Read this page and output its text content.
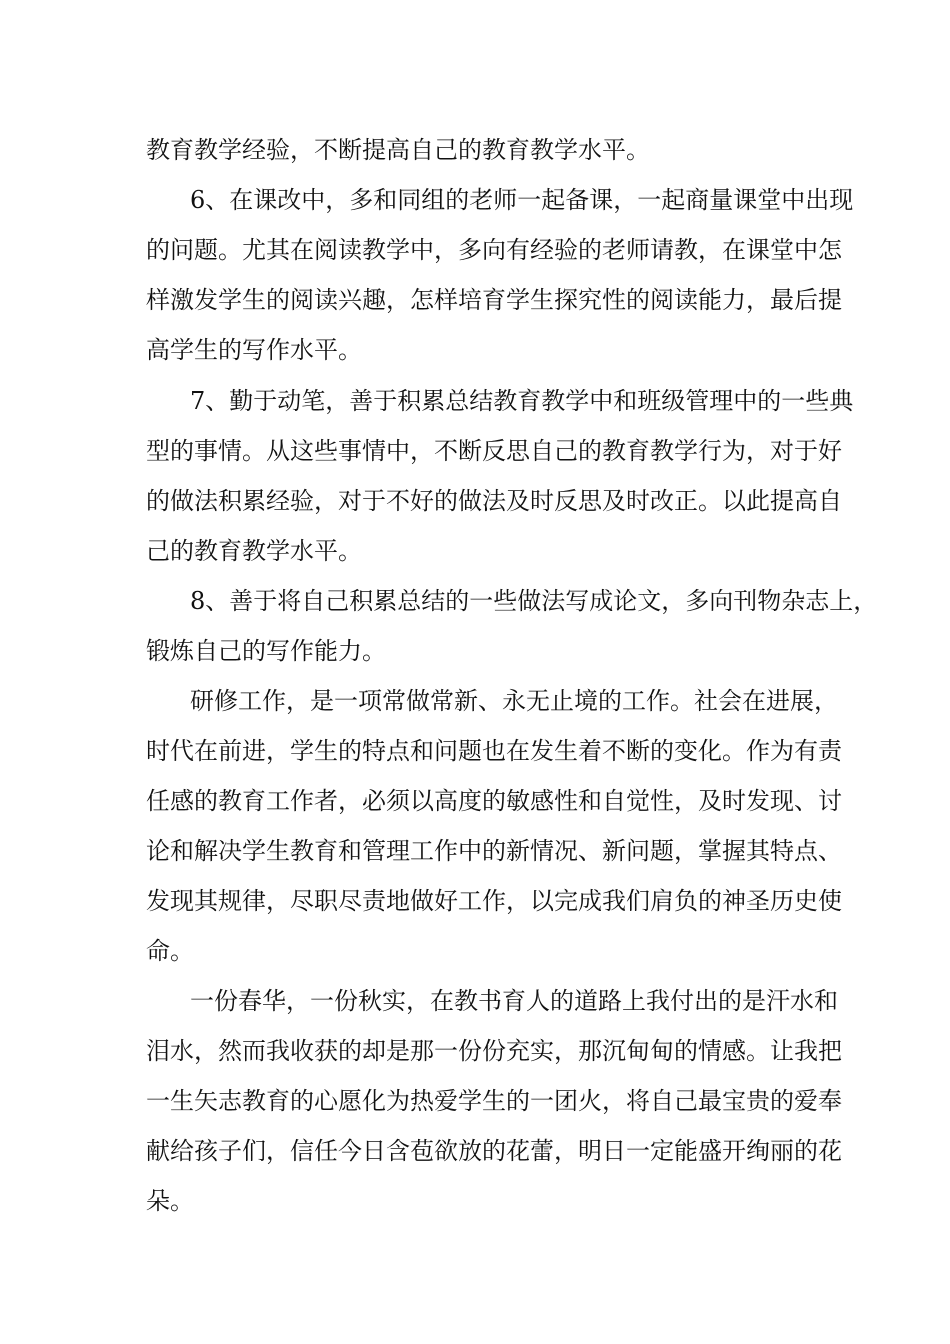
教育教学经验，不断提高自己的教育教学水平。

6、在课改中，多和同组的老师一起备课，一起商量课堂中出现

的问题。尤其在阅读教学中，多向有经验的老师请教，在课堂中怎

样激发学生的阅读兴趣，怎样培育学生探究性的阅读能力，最后提

高学生的写作水平。

7、勤于动笔，善于积累总结教育教学中和班级管理中的一些典

型的事情。从这些事情中，不断反思自己的教育教学行为，对于好

的做法积累经验，对于不好的做法及时反思及时改正。以此提高自

己的教育教学水平。

8、善于将自己积累总结的一些做法写成论文，多向刊物杂志上，

锻炼自己的写作能力。

研修工作，是一项常做常新、永无止境的工作。社会在进展，

时代在前进，学生的特点和问题也在发生着不断的变化。作为有责

任感的教育工作者，必须以高度的敏感性和自觉性，及时发现、讨

论和解决学生教育和管理工作中的新情况、新问题，掌握其特点、

发现其规律，尽职尽责地做好工作，以完成我们肩负的神圣历史使

命。

一份春华，一份秋实，在教书育人的道路上我付出的是汗水和

泪水，然而我收获的却是那一份份充实，那沉甸甸的情感。让我把

一生矢志教育的心愿化为热爱学生的一团火，将自己最宝贵的爱奉

献给孩子们，信任今日含苞欲放的花蕾，明日一定能盛开绚丽的花

朵。
